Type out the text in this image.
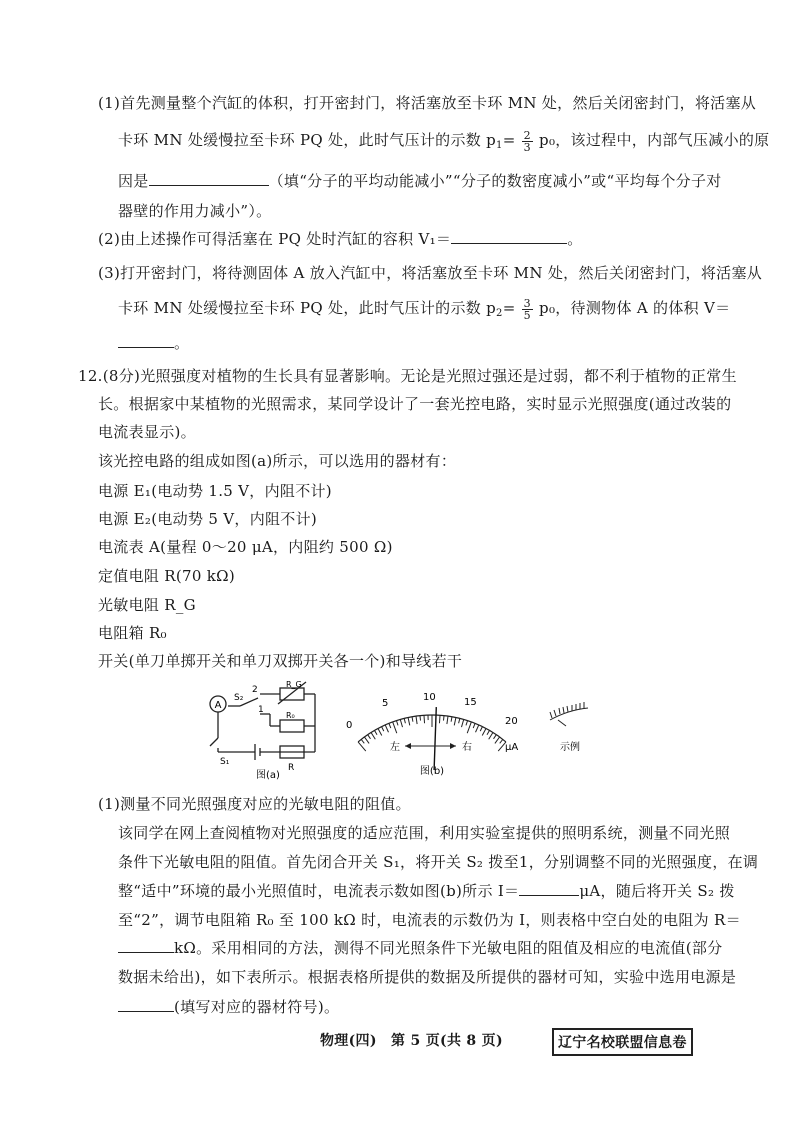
(1)首先测量整个汽缸的体积，打开密封门，将活塞放至卡环 MN 处，然后关闭密封门，将活塞从
卡环 MN 处缓慢拉至卡环 PQ 处，此时气压计的示数 $p_1= \frac{2}{3} p_0$，该过程中，内部气压减小的原
因是	（填“分子的平均动能减小”“分子的数密度减小”或“平均每个分子对
器壁的作用力减小”）。
(2)由上述操作可得活塞在 PQ 处时汽缸的容积 V₁＝	。
(3)打开密封门，将待测固体 A 放入汽缸中，将活塞放至卡环 MN 处，然后关闭密封门，将活塞从
卡环 MN 处缓慢拉至卡环 PQ 处，此时气压计的示数 $p_2= \frac{3}{5} p_0$，待测物体 A 的体积 V＝
。
12.(8分)光照强度对植物的生长具有显著影响。无论是光照过强还是过弱，都不利于植物的正常生
长。根据家中某植物的光照需求，某同学设计了一套光控电路，实时显示光照强度(通过改装的
电流表显示)。
该光控电路的组成如图(a)所示，可以选用的器材有：
电源 E₁(电动势 1.5 V，内阻不计)
电源 E₂(电动势 5 V，内阻不计)
电流表 A(量程 0～20 μA，内阻约 500 Ω)
定值电阻 R(70 kΩ)
光敏电阻 R_G
电阻箱 R₀
开关(单刀单掷开关和单刀双掷开关各一个)和导线若干
A
S₂
2
1
R_G
R₀
R
S₁
图(a)
0
5
10	15
20
μA
左	右
图(b)
示例
(1)测量不同光照强度对应的光敏电阻的阻值。
该同学在网上查阅植物对光照强度的适应范围，利用实验室提供的照明系统，测量不同光照
条件下光敏电阻的阻值。首先闭合开关 S₁，将开关 S₂ 拨至1，分别调整不同的光照强度，在调
整“适中”环境的最小光照值时，电流表示数如图(b)所示 I＝	μA，随后将开关 S₂ 拨
至“2”，调节电阻箱 R₀ 至 100 kΩ 时，电流表的示数仍为 I，则表格中空白处的电阻为 R＝
kΩ。采用相同的方法，测得不同光照条件下光敏电阻的阻值及相应的电流值(部分
数据未给出)，如下表所示。根据表格所提供的数据及所提供的器材可知，实验中选用电源是
(填写对应的器材符号)。
物理(四)　第 5 页(共 8 页)	辽宁名校联盟信息卷
